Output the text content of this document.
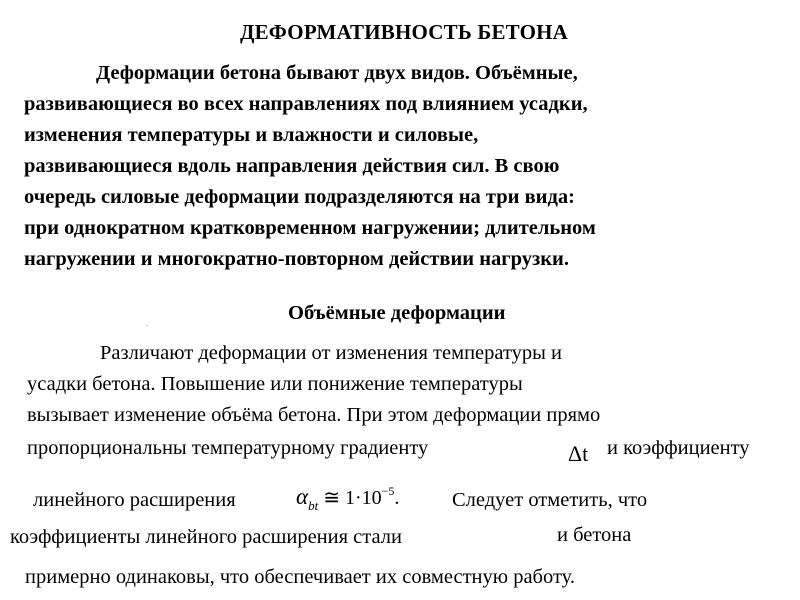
ДЕФОРМАТИВНОСТЬ БЕТОНА
Деформации бетона бывают двух видов. Объёмные,
развивающиеся во всех направлениях под влиянием усадки,
изменения температуры и влажности и силовые,
развивающиеся вдоль направления действия сил. В свою
очередь силовые деформации подразделяются на три вида:
при однократном кратковременном нагружении; длительном
нагружении и многократно-повторном действии нагрузки.
Объёмные деформации
.
Различают деформации от изменения температуры и
усадки бетона. Повышение или понижение температуры
вызывает изменение объёма бетона. При этом деформации прямо
пропорциональны температурному градиенту	Δt и коэффициенту
линейного расширения	$\alpha_{bt}$ ≅ $1\cdot 10^{-5}$.	Следует отметить, что
коэффициенты линейного расширения стали	и бетона
примерно одинаковы, что обеспечивает их совместную работу.
